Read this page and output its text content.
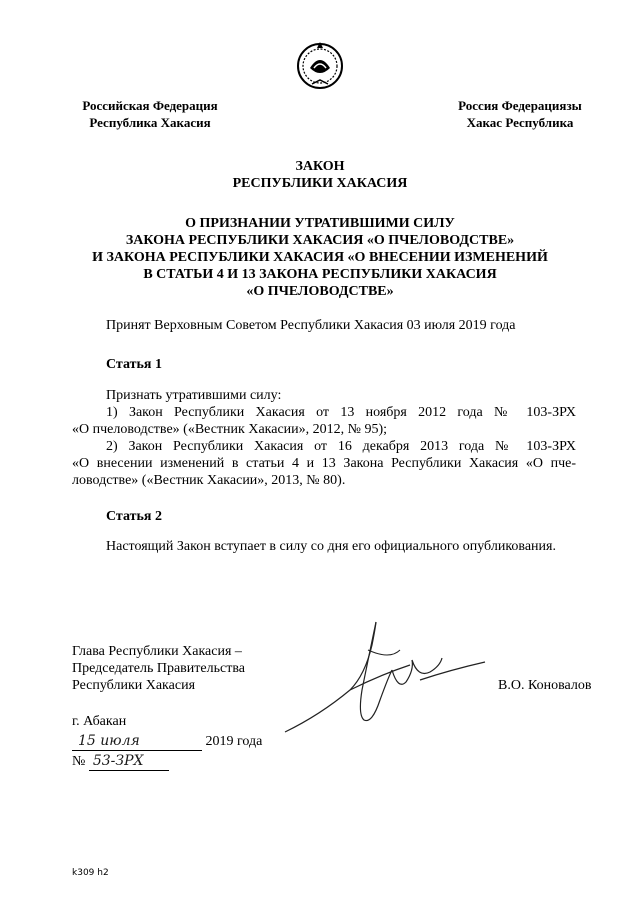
Российская Федерация
Республика Хакасия
Россия Федерациязы
Хакас Республика
ЗАКОН
РЕСПУБЛИКИ ХАКАСИЯ
О ПРИЗНАНИИ УТРАТИВШИМИ СИЛУ
ЗАКОНА РЕСПУБЛИКИ ХАКАСИЯ «О ПЧЕЛОВОДСТВЕ»
И ЗАКОНА РЕСПУБЛИКИ ХАКАСИЯ «О ВНЕСЕНИИ ИЗМЕНЕНИЙ
В СТАТЬИ 4 И 13 ЗАКОНА РЕСПУБЛИКИ ХАКАСИЯ
«О ПЧЕЛОВОДСТВЕ»
Принят Верховным Советом Республики Хакасия 03 июля 2019 года
Статья 1
Признать утратившими силу:
1) Закон Республики Хакасия от 13 ноября 2012 года № 103-ЗРХ
«О пчеловодстве» («Вестник Хакасии», 2012, № 95);
2) Закон Республики Хакасия от 16 декабря 2013 года № 103-ЗРХ
«О внесении изменений в статьи 4 и 13 Закона Республики Хакасия «О пче-
ловодстве» («Вестник Хакасии», 2013, № 80).
Статья 2
Настоящий Закон вступает в силу со дня его официального опубликования.
Глава Республики Хакасия –
Председатель Правительства
Республики Хакасия	В.О. Коновалов
г. Абакан
15 июля	2019 года
№ 53-ЗРХ
k309 h2
